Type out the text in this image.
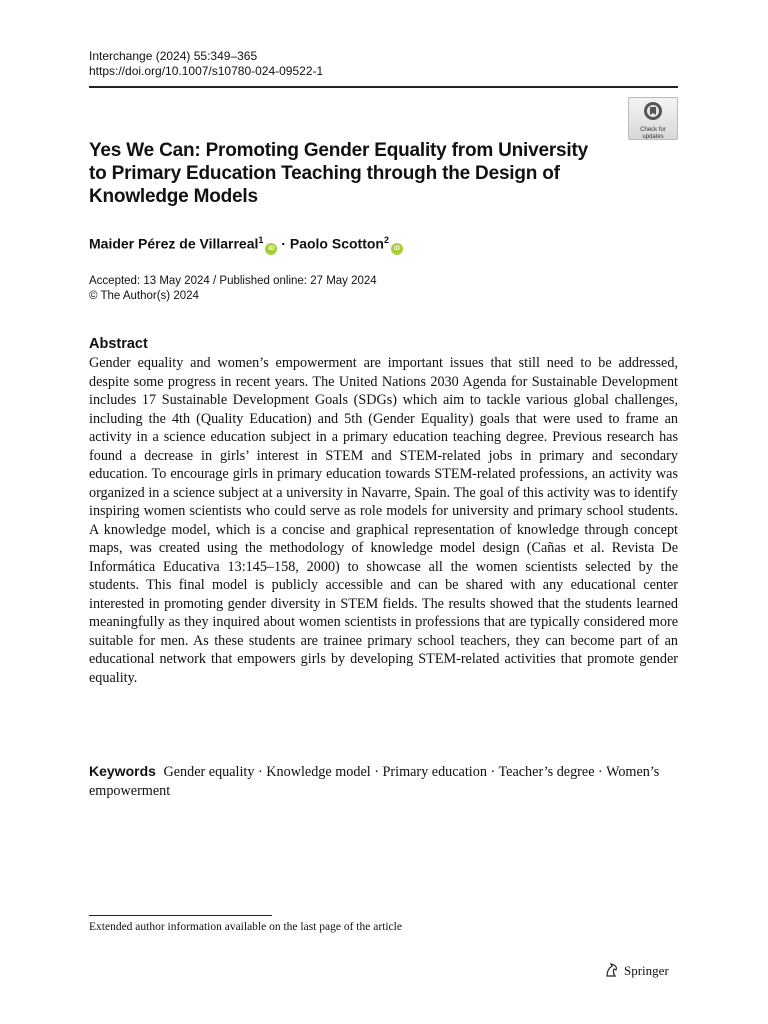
Interchange (2024) 55:349–365
https://doi.org/10.1007/s10780-024-09522-1
Check for
updates
Yes We Can: Promoting Gender Equality from University to Primary Education Teaching through the Design of Knowledge Models
Maider Pérez de Villarreal$^1$iD · Paolo Scotton$^2$iD
Accepted: 13 May 2024 / Published online: 27 May 2024
© The Author(s) 2024
Abstract

Gender equality and women’s empowerment are important issues that still need to be addressed, despite some progress in recent years. The United Nations 2030 Agenda for Sustainable Development includes 17 Sustainable Development Goals (SDGs) which aim to tackle various global challenges, including the 4th (Quality Education) and 5th (Gender Equality) goals that were used to frame an activity in a science education subject in a primary education teaching degree. Previous research has found a decrease in girls’ interest in STEM and STEM-related jobs in primary and secondary education. To encourage girls in primary education towards STEM-related professions, an activity was organized in a science subject at a university in Navarre, Spain. The goal of this activity was to identify inspiring women scientists who could serve as role models for university and primary school students. A knowledge model, which is a concise and graphical representation of knowledge through concept maps, was created using the methodology of knowledge model design (Cañas et al. Revista De Informática Educativa 13:145–158, 2000) to showcase all the women scientists selected by the students. This final model is publicly accessible and can be shared with any educational center interested in promoting gender diversity in STEM fields. The results showed that the students learned meaningfully as they inquired about women scientists in professions that are typically considered more suitable for men. As these students are trainee primary school teachers, they can become part of an educational network that empowers girls by developing STEM-related activities that promote gender equality.

Keywords Gender equality · Knowledge model · Primary education · Teacher’s degree · Women’s empowerment
Extended author information available on the last page of the article
Springer
